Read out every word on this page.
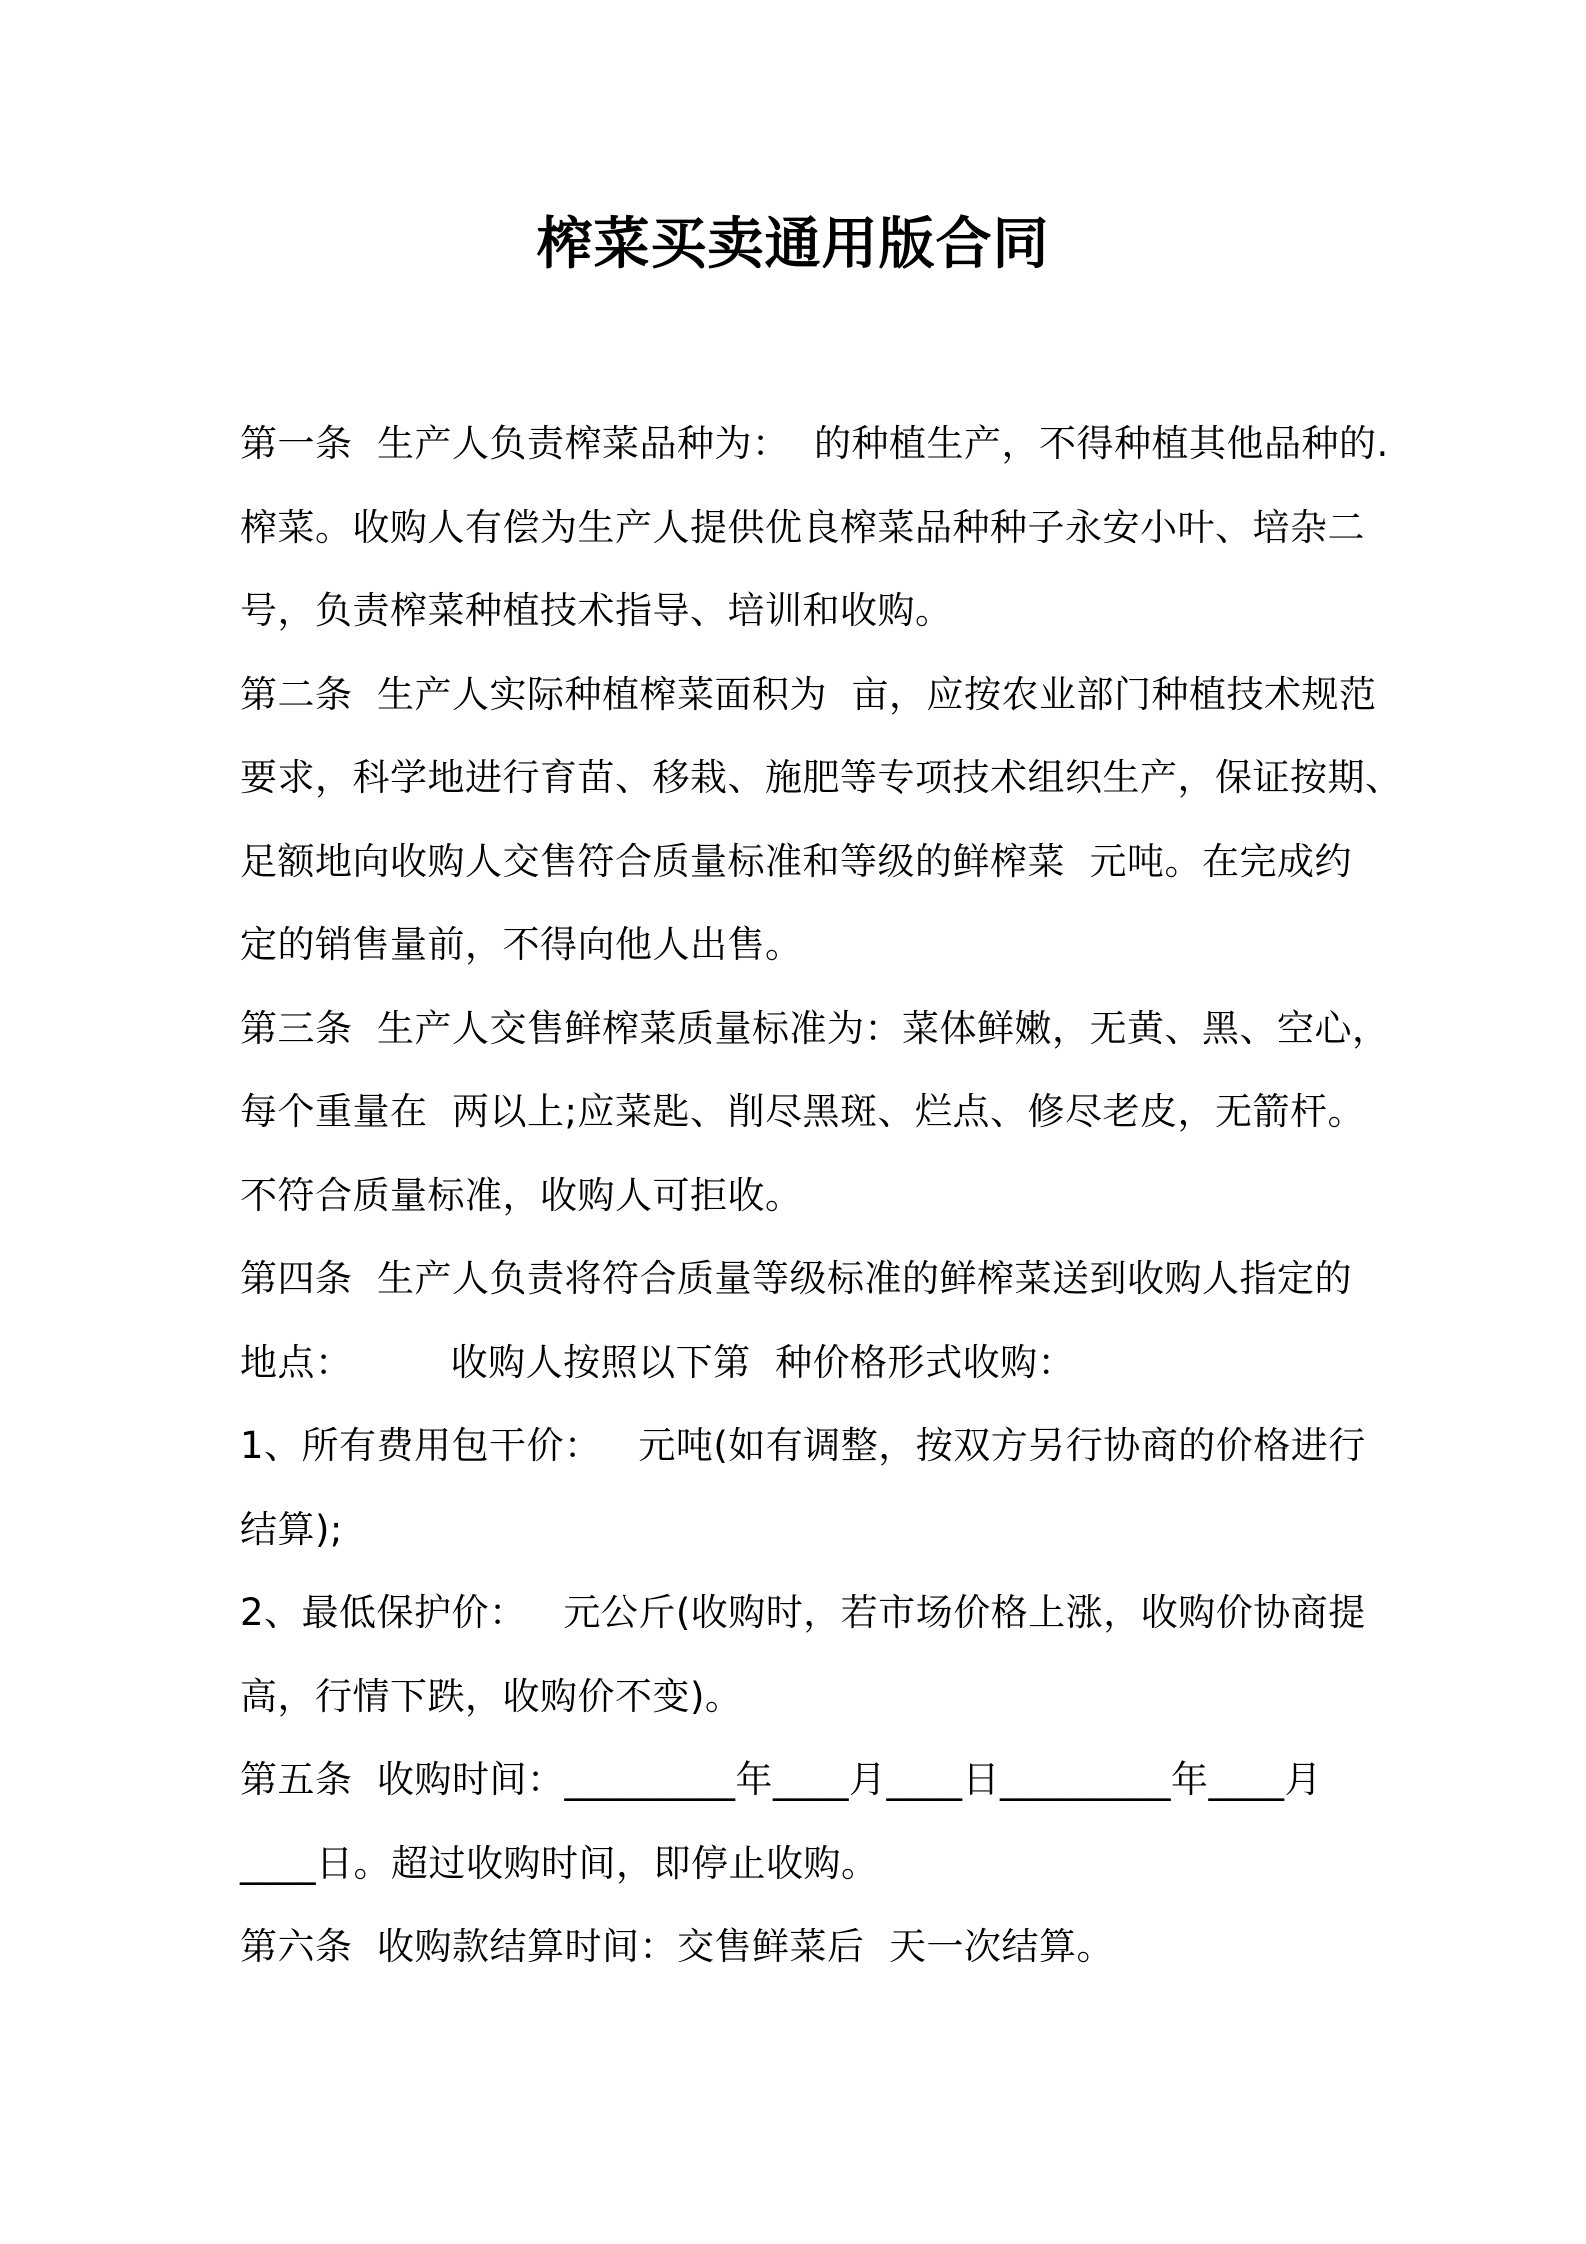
榨菜买卖通用版合同
第一条  生产人负责榨菜品种为：  的种植生产，不得种植其他品种的.
榨菜。收购人有偿为生产人提供优良榨菜品种种子永安小叶、培杂二
号，负责榨菜种植技术指导、培训和收购。
第二条  生产人实际种植榨菜面积为  亩，应按农业部门种植技术规范
要求，科学地进行育苗、移栽、施肥等专项技术组织生产，保证按期、
足额地向收购人交售符合质量标准和等级的鲜榨菜  元吨。在完成约
定的销售量前，不得向他人出售。
第三条  生产人交售鲜榨菜质量标准为：菜体鲜嫩，无黄、黑、空心，
每个重量在  两以上;应菜匙、削尽黑斑、烂点、修尽老皮，无箭杆。
不符合质量标准，收购人可拒收。
第四条  生产人负责将符合质量等级标准的鲜榨菜送到收购人指定的
地点：        收购人按照以下第  种价格形式收购：
1、所有费用包干价：   元吨(如有调整，按双方另行协商的价格进行
结算);
2、最低保护价：   元公斤(收购时，若市场价格上涨，收购价协商提
高，行情下跌，收购价不变)。
第五条  收购时间：_________年____月____日_________年____月
____日。超过收购时间，即停止收购。
第六条  收购款结算时间：交售鲜菜后  天一次结算。
